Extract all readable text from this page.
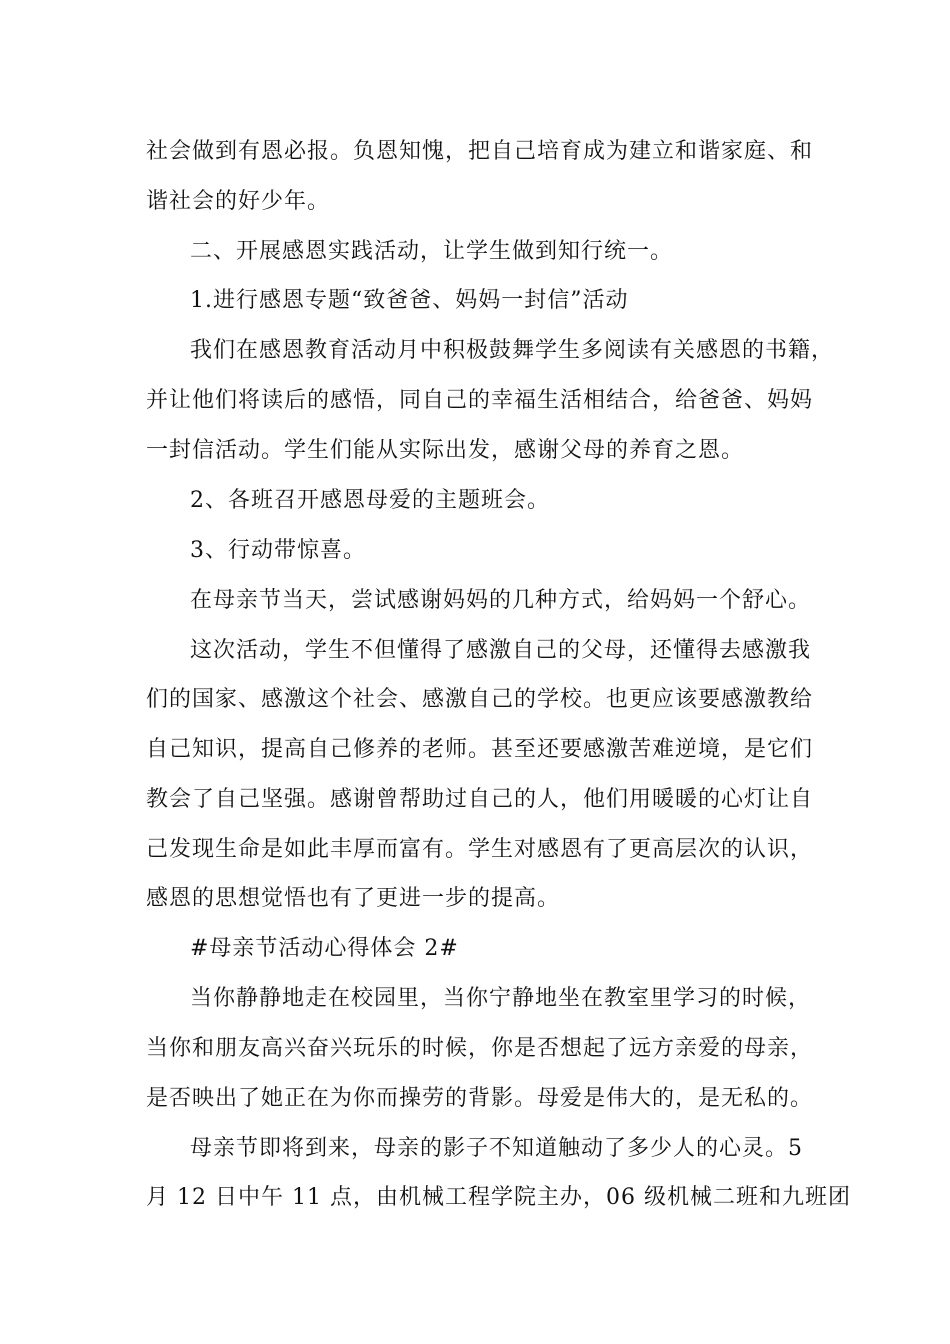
社会做到有恩必报。负恩知愧，把自己培育成为建立和谐家庭、和
谐社会的好少年。
二、开展感恩实践活动，让学生做到知行统一。
1.进行感恩专题“致爸爸、妈妈一封信”活动
我们在感恩教育活动月中积极鼓舞学生多阅读有关感恩的书籍，
并让他们将读后的感悟，同自己的幸福生活相结合，给爸爸、妈妈
一封信活动。学生们能从实际出发，感谢父母的养育之恩。
2、各班召开感恩母爱的主题班会。
3、行动带惊喜。
在母亲节当天，尝试感谢妈妈的几种方式，给妈妈一个舒心。
这次活动，学生不但懂得了感激自己的父母，还懂得去感激我
们的国家、感激这个社会、感激自己的学校。也更应该要感激教给
自己知识，提高自己修养的老师。甚至还要感激苦难逆境，是它们
教会了自己坚强。感谢曾帮助过自己的人，他们用暖暖的心灯让自
己发现生命是如此丰厚而富有。学生对感恩有了更高层次的认识，
感恩的思想觉悟也有了更进一步的提高。
#母亲节活动心得体会 2#
当你静静地走在校园里，当你宁静地坐在教室里学习的时候，
当你和朋友高兴奋兴玩乐的时候，你是否想起了远方亲爱的母亲，
是否映出了她正在为你而操劳的背影。母爱是伟大的，是无私的。
母亲节即将到来，母亲的影子不知道触动了多少人的心灵。5
月 12 日中午 11 点，由机械工程学院主办，06 级机械二班和九班团
